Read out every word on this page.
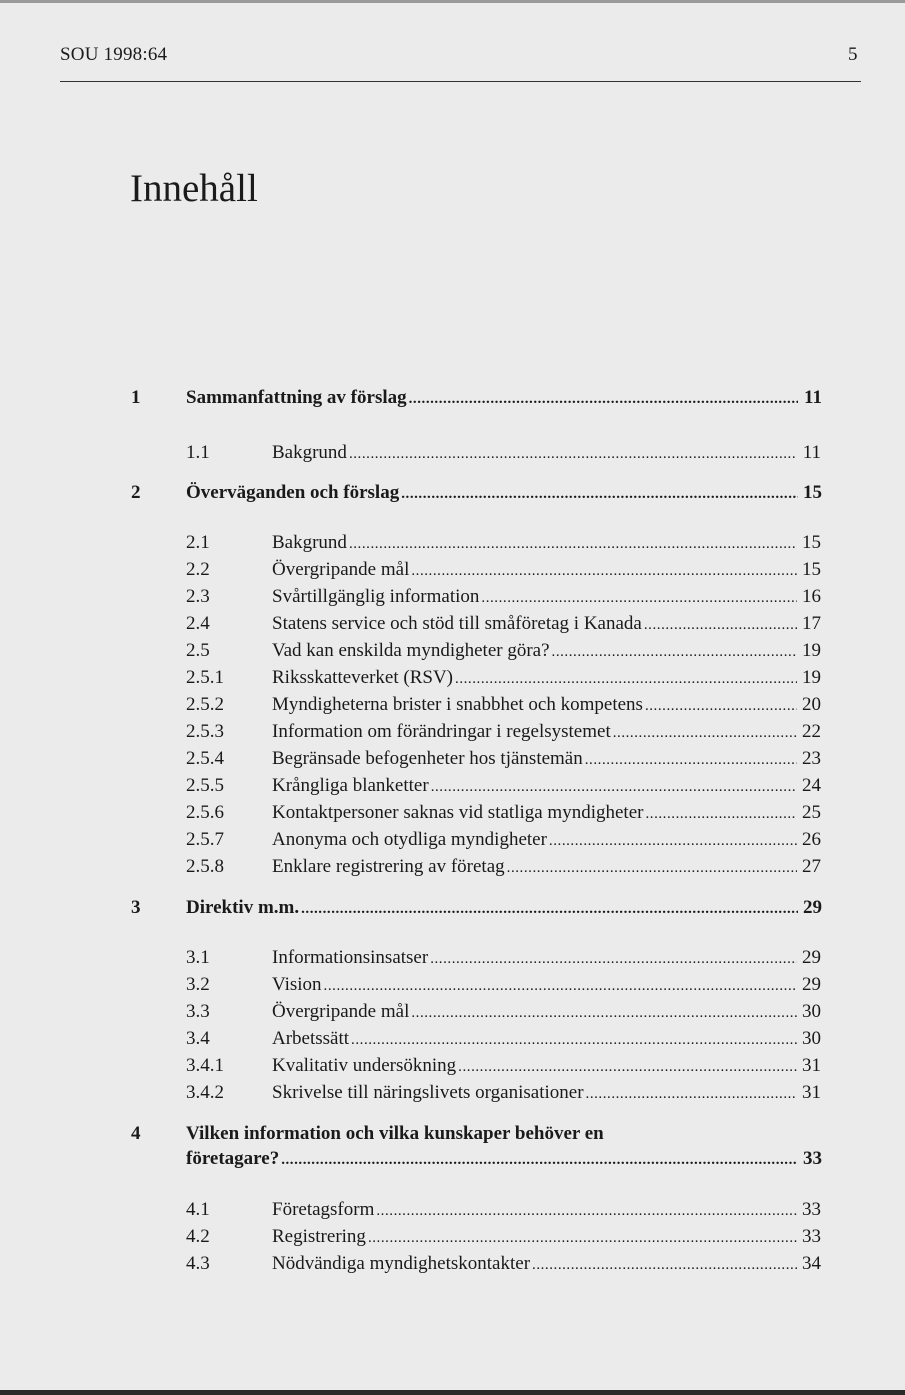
SOU 1998:64	5
Innehåll
1 Sammanfattning av förslag . . .	11
1.1	Bakgrund . . .	11
2 Överväganden och förslag . . .	15
2.1	Bakgrund . . .	15
2.2	Övergripande mål . . .	15
2.3	Svårtillgänglig information . . .	16
2.4	Statens service och stöd till småföretag i Kanada . . .	17
2.5	Vad kan enskilda myndigheter göra? . . .	19
2.5.1	Riksskatteverket (RSV) . . .	19
2.5.2	Myndigheterna brister i snabbhet och kompetens . . .	20
2.5.3	Information om förändringar i regelsystemet . . .	22
2.5.4	Begränsade befogenheter hos tjänstemän . . .	23
2.5.5	Krångliga blanketter . . .	24
2.5.6	Kontaktpersoner saknas vid statliga myndigheter . . .	25
2.5.7	Anonyma och otydliga myndigheter . . .	26
2.5.8	Enklare registrering av företag . . .	27
3 Direktiv m.m. . . .	29
3.1	Informationsinsatser . . .	29
3.2	Vision . . .	29
3.3	Övergripande mål . . .	30
3.4	Arbetssätt . . .	30
3.4.1	Kvalitativ undersökning . . .	31
3.4.2	Skrivelse till näringslivets organisationer . . .	31
4 Vilken information och vilka kunskaper behöver en
företagare? . . .	33
4.1	Företagsform . . .	33
4.2	Registrering . . .	33
4.3	Nödvändiga myndighetskontakter . . .	34
